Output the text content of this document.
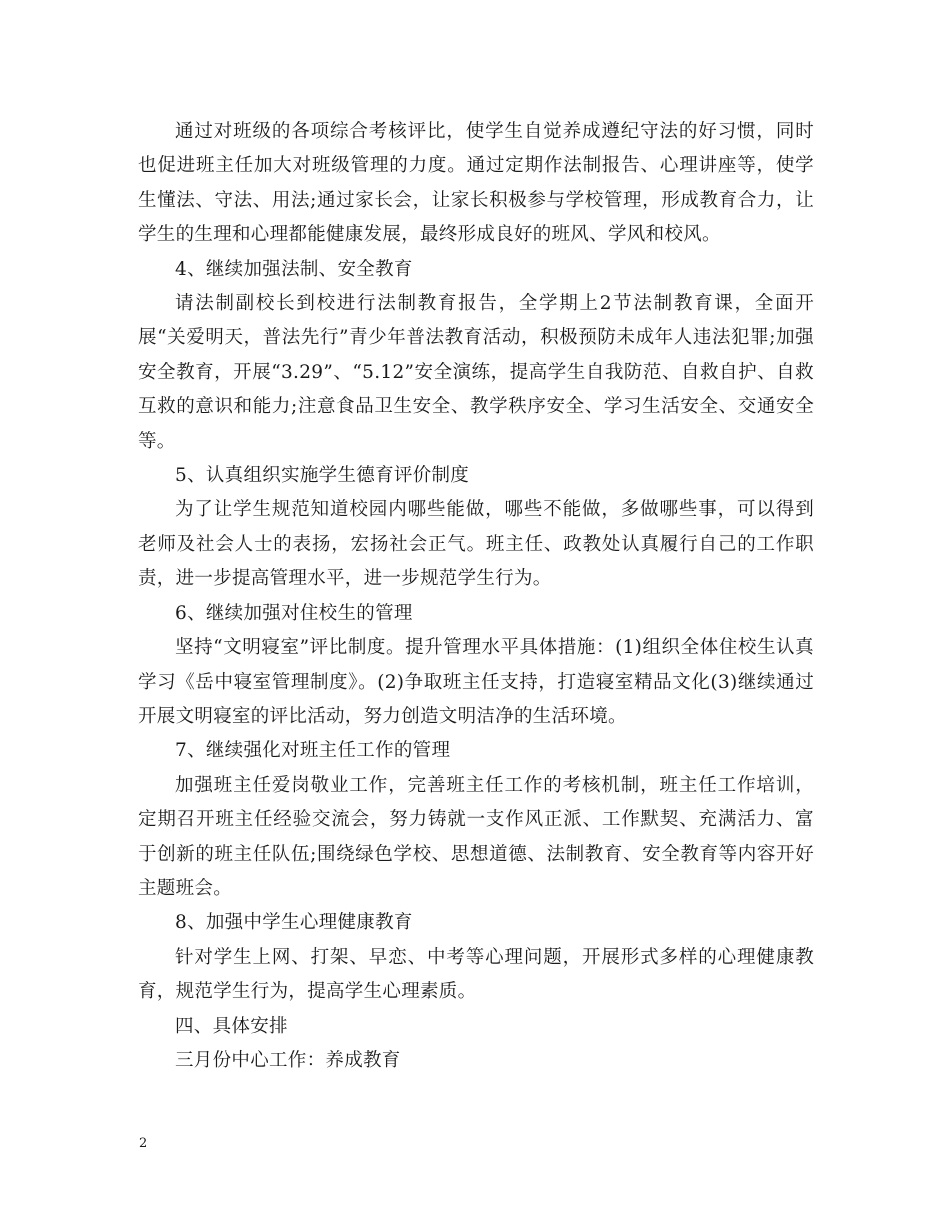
通过对班级的各项综合考核评比，使学生自觉养成遵纪守法的好习惯，同时也促进班主任加大对班级管理的力度。通过定期作法制报告、心理讲座等，使学生懂法、守法、用法;通过家长会，让家长积极参与学校管理，形成教育合力，让学生的生理和心理都能健康发展，最终形成良好的班风、学风和校风。

4、继续加强法制、安全教育

请法制副校长到校进行法制教育报告，全学期上2节法制教育课，全面开展“关爱明天，普法先行”青少年普法教育活动，积极预防未成年人违法犯罪;加强安全教育，开展“3.29”、“5.12”安全演练，提高学生自我防范、自救自护、自救互救的意识和能力;注意食品卫生安全、教学秩序安全、学习生活安全、交通安全等。

5、认真组织实施学生德育评价制度

为了让学生规范知道校园内哪些能做，哪些不能做，多做哪些事，可以得到老师及社会人士的表扬，宏扬社会正气。班主任、政教处认真履行自己的工作职责，进一步提高管理水平，进一步规范学生行为。

6、继续加强对住校生的管理

坚持“文明寝室”评比制度。提升管理水平具体措施：(1)组织全体住校生认真学习《岳中寝室管理制度》。(2)争取班主任支持，打造寝室精品文化(3)继续通过开展文明寝室的评比活动，努力创造文明洁净的生活环境。

7、继续强化对班主任工作的管理

加强班主任爱岗敬业工作，完善班主任工作的考核机制，班主任工作培训，定期召开班主任经验交流会，努力铸就一支作风正派、工作默契、充满活力、富于创新的班主任队伍;围绕绿色学校、思想道德、法制教育、安全教育等内容开好主题班会。

8、加强中学生心理健康教育

针对学生上网、打架、早恋、中考等心理问题，开展形式多样的心理健康教育，规范学生行为，提高学生心理素质。

四、具体安排

三月份中心工作：养成教育

2
